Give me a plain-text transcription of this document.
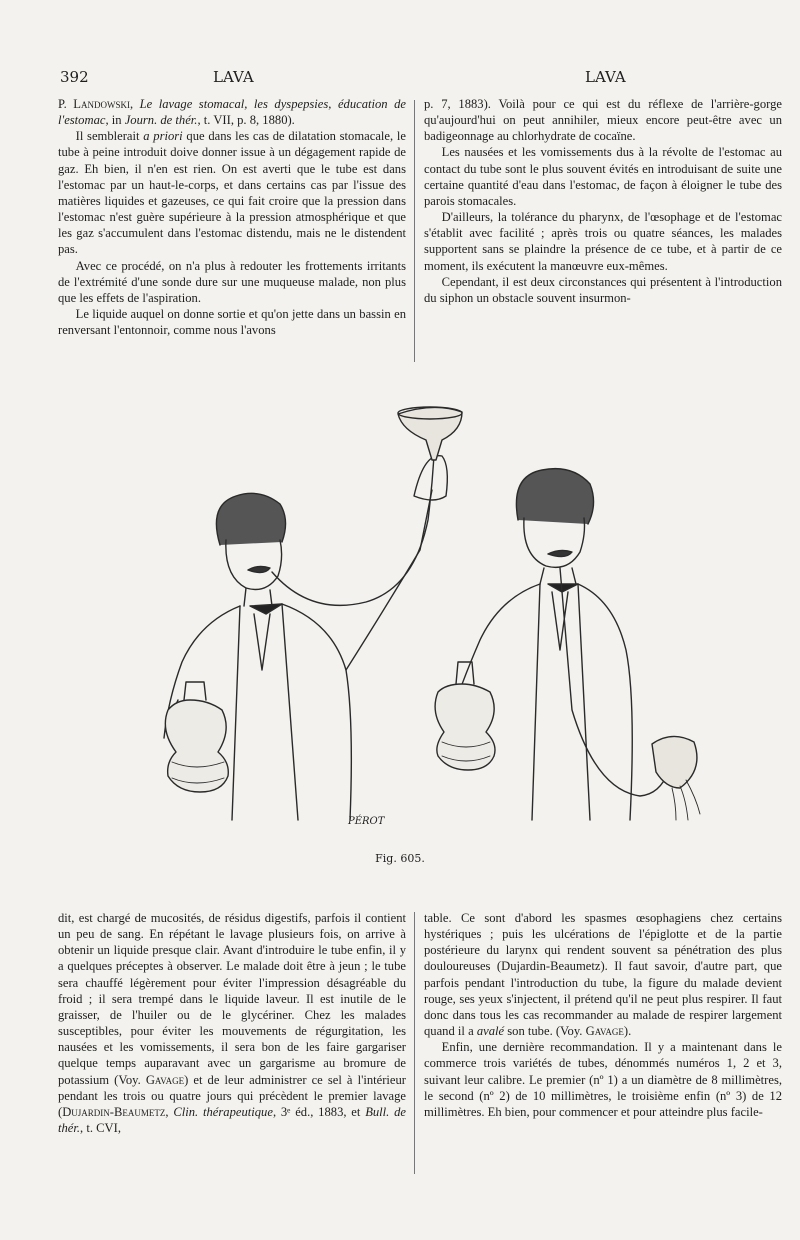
392	LAVA	LAVA

P. Landowski, Le lavage stomacal, les dyspepsies, éducation de l'estomac, in Journ. de thér., t. VII, p. 8, 1880).

Il semblerait a priori que dans les cas de dilatation stomacale, le tube à peine introduit doive donner issue à un dégagement rapide de gaz. Eh bien, il n'en est rien. On est averti que le tube est dans l'estomac par un haut-le-corps, et dans certains cas par l'issue des matières liquides et gazeuses, ce qui fait croire que la pression dans l'estomac n'est guère supérieure à la pression atmosphérique et que les gaz s'accumulent dans l'estomac distendu, mais ne le distendent pas.

Avec ce procédé, on n'a plus à redouter les frottements irritants de l'extrémité d'une sonde dure sur une muqueuse malade, non plus que les effets de l'aspiration.

Le liquide auquel on donne sortie et qu'on jette dans un bassin en renversant l'entonnoir, comme nous l'avons

p. 7, 1883). Voilà pour ce qui est du réflexe de l'arrière-gorge qu'aujourd'hui on peut annihiler, mieux encore peut-être avec un badigeonnage au chlorhydrate de cocaïne.

Les nausées et les vomissements dus à la révolte de l'estomac au contact du tube sont le plus souvent évités en introduisant de suite une certaine quantité d'eau dans l'estomac, de façon à éloigner le tube des parois stomacales.

D'ailleurs, la tolérance du pharynx, de l'œsophage et de l'estomac s'établit avec facilité ; après trois ou quatre séances, les malades supportent sans se plaindre la présence de ce tube, et à partir de ce moment, ils exécutent la manœuvre eux-mêmes.

Cependant, il est deux circonstances qui présentent à l'introduction du siphon un obstacle souvent insurmon-

PÉROT
Fig. 605.

dit, est chargé de mucosités, de résidus digestifs, parfois il contient un peu de sang. En répétant le lavage plusieurs fois, on arrive à obtenir un liquide presque clair. Avant d'introduire le tube enfin, il y a quelques préceptes à observer. Le malade doit être à jeun ; le tube sera chauffé légèrement pour éviter l'impression désagréable du froid ; il sera trempé dans le liquide laveur. Il est inutile de le graisser, de l'huiler ou de le glycériner. Chez les malades susceptibles, pour éviter les mouvements de régurgitation, les nausées et les vomissements, il sera bon de les faire gargariser quelque temps auparavant avec un gargarisme au bromure de potassium (Voy. Gavage) et de leur administrer ce sel à l'intérieur pendant les trois ou quatre jours qui précèdent le premier lavage (Dujardin-Beaumetz, Clin. thérapeutique, 3ᵉ éd., 1883, et Bull. de thér., t. CVI,

table. Ce sont d'abord les spasmes œsophagiens chez certains hystériques ; puis les ulcérations de l'épiglotte et de la partie postérieure du larynx qui rendent souvent sa pénétration des plus douloureuses (Dujardin-Beaumetz). Il faut savoir, d'autre part, que parfois pendant l'introduction du tube, la figure du malade devient rouge, ses yeux s'injectent, il prétend qu'il ne peut plus respirer. Il faut donc dans tous les cas recommander au malade de respirer largement quand il a avalé son tube. (Voy. Gavage).

Enfin, une dernière recommandation. Il y a maintenant dans le commerce trois variétés de tubes, dénommés numéros 1, 2 et 3, suivant leur calibre. Le premier (nº 1) a un diamètre de 8 millimètres, le second (nº 2) de 10 millimètres, le troisième enfin (nº 3) de 12 millimètres. Eh bien, pour commencer et pour atteindre plus facile-
